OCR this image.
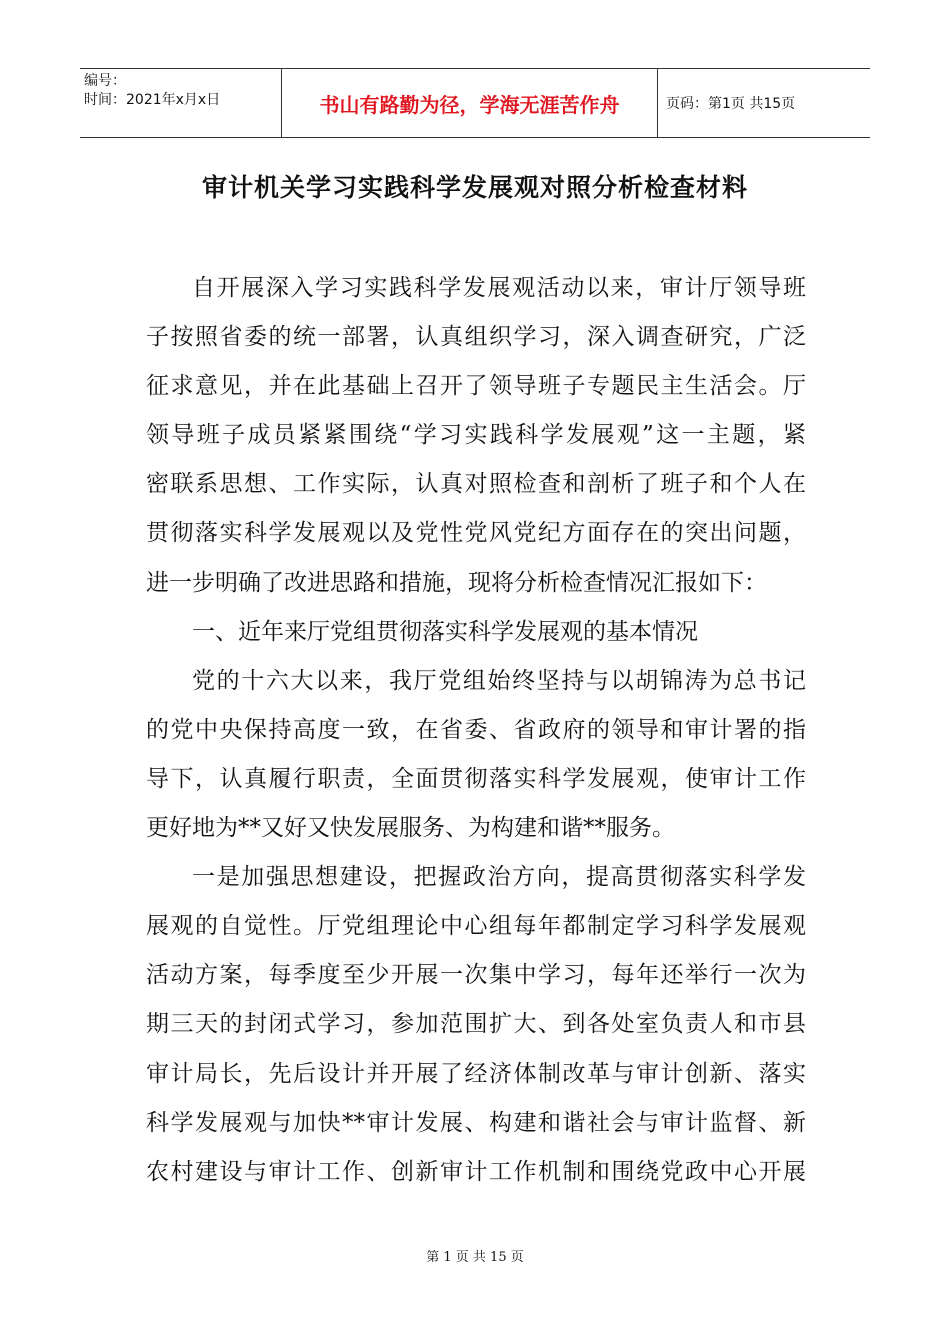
编号：
时间：2021年x月x日	书山有路勤为径，学海无涯苦作舟	页码：第1页 共15页
审计机关学习实践科学发展观对照分析检查材料
自开展深入学习实践科学发展观活动以来，审计厅领导班
子按照省委的统一部署，认真组织学习，深入调查研究，广泛
征求意见，并在此基础上召开了领导班子专题民主生活会。厅
领导班子成员紧紧围绕“学习实践科学发展观”这一主题，紧
密联系思想、工作实际，认真对照检查和剖析了班子和个人在
贯彻落实科学发展观以及党性党风党纪方面存在的突出问题，
进一步明确了改进思路和措施，现将分析检查情况汇报如下：
一、近年来厅党组贯彻落实科学发展观的基本情况
党的十六大以来，我厅党组始终坚持与以胡锦涛为总书记
的党中央保持高度一致，在省委、省政府的领导和审计署的指
导下，认真履行职责，全面贯彻落实科学发展观，使审计工作
更好地为**又好又快发展服务、为构建和谐**服务。
一是加强思想建设，把握政治方向，提高贯彻落实科学发
展观的自觉性。厅党组理论中心组每年都制定学习科学发展观
活动方案，每季度至少开展一次集中学习，每年还举行一次为
期三天的封闭式学习，参加范围扩大、到各处室负责人和市县
审计局长，先后设计并开展了经济体制改革与审计创新、落实
科学发展观与加快**审计发展、构建和谐社会与审计监督、新
农村建设与审计工作、创新审计工作机制和围绕党政中心开展
第 1 页 共 15 页
